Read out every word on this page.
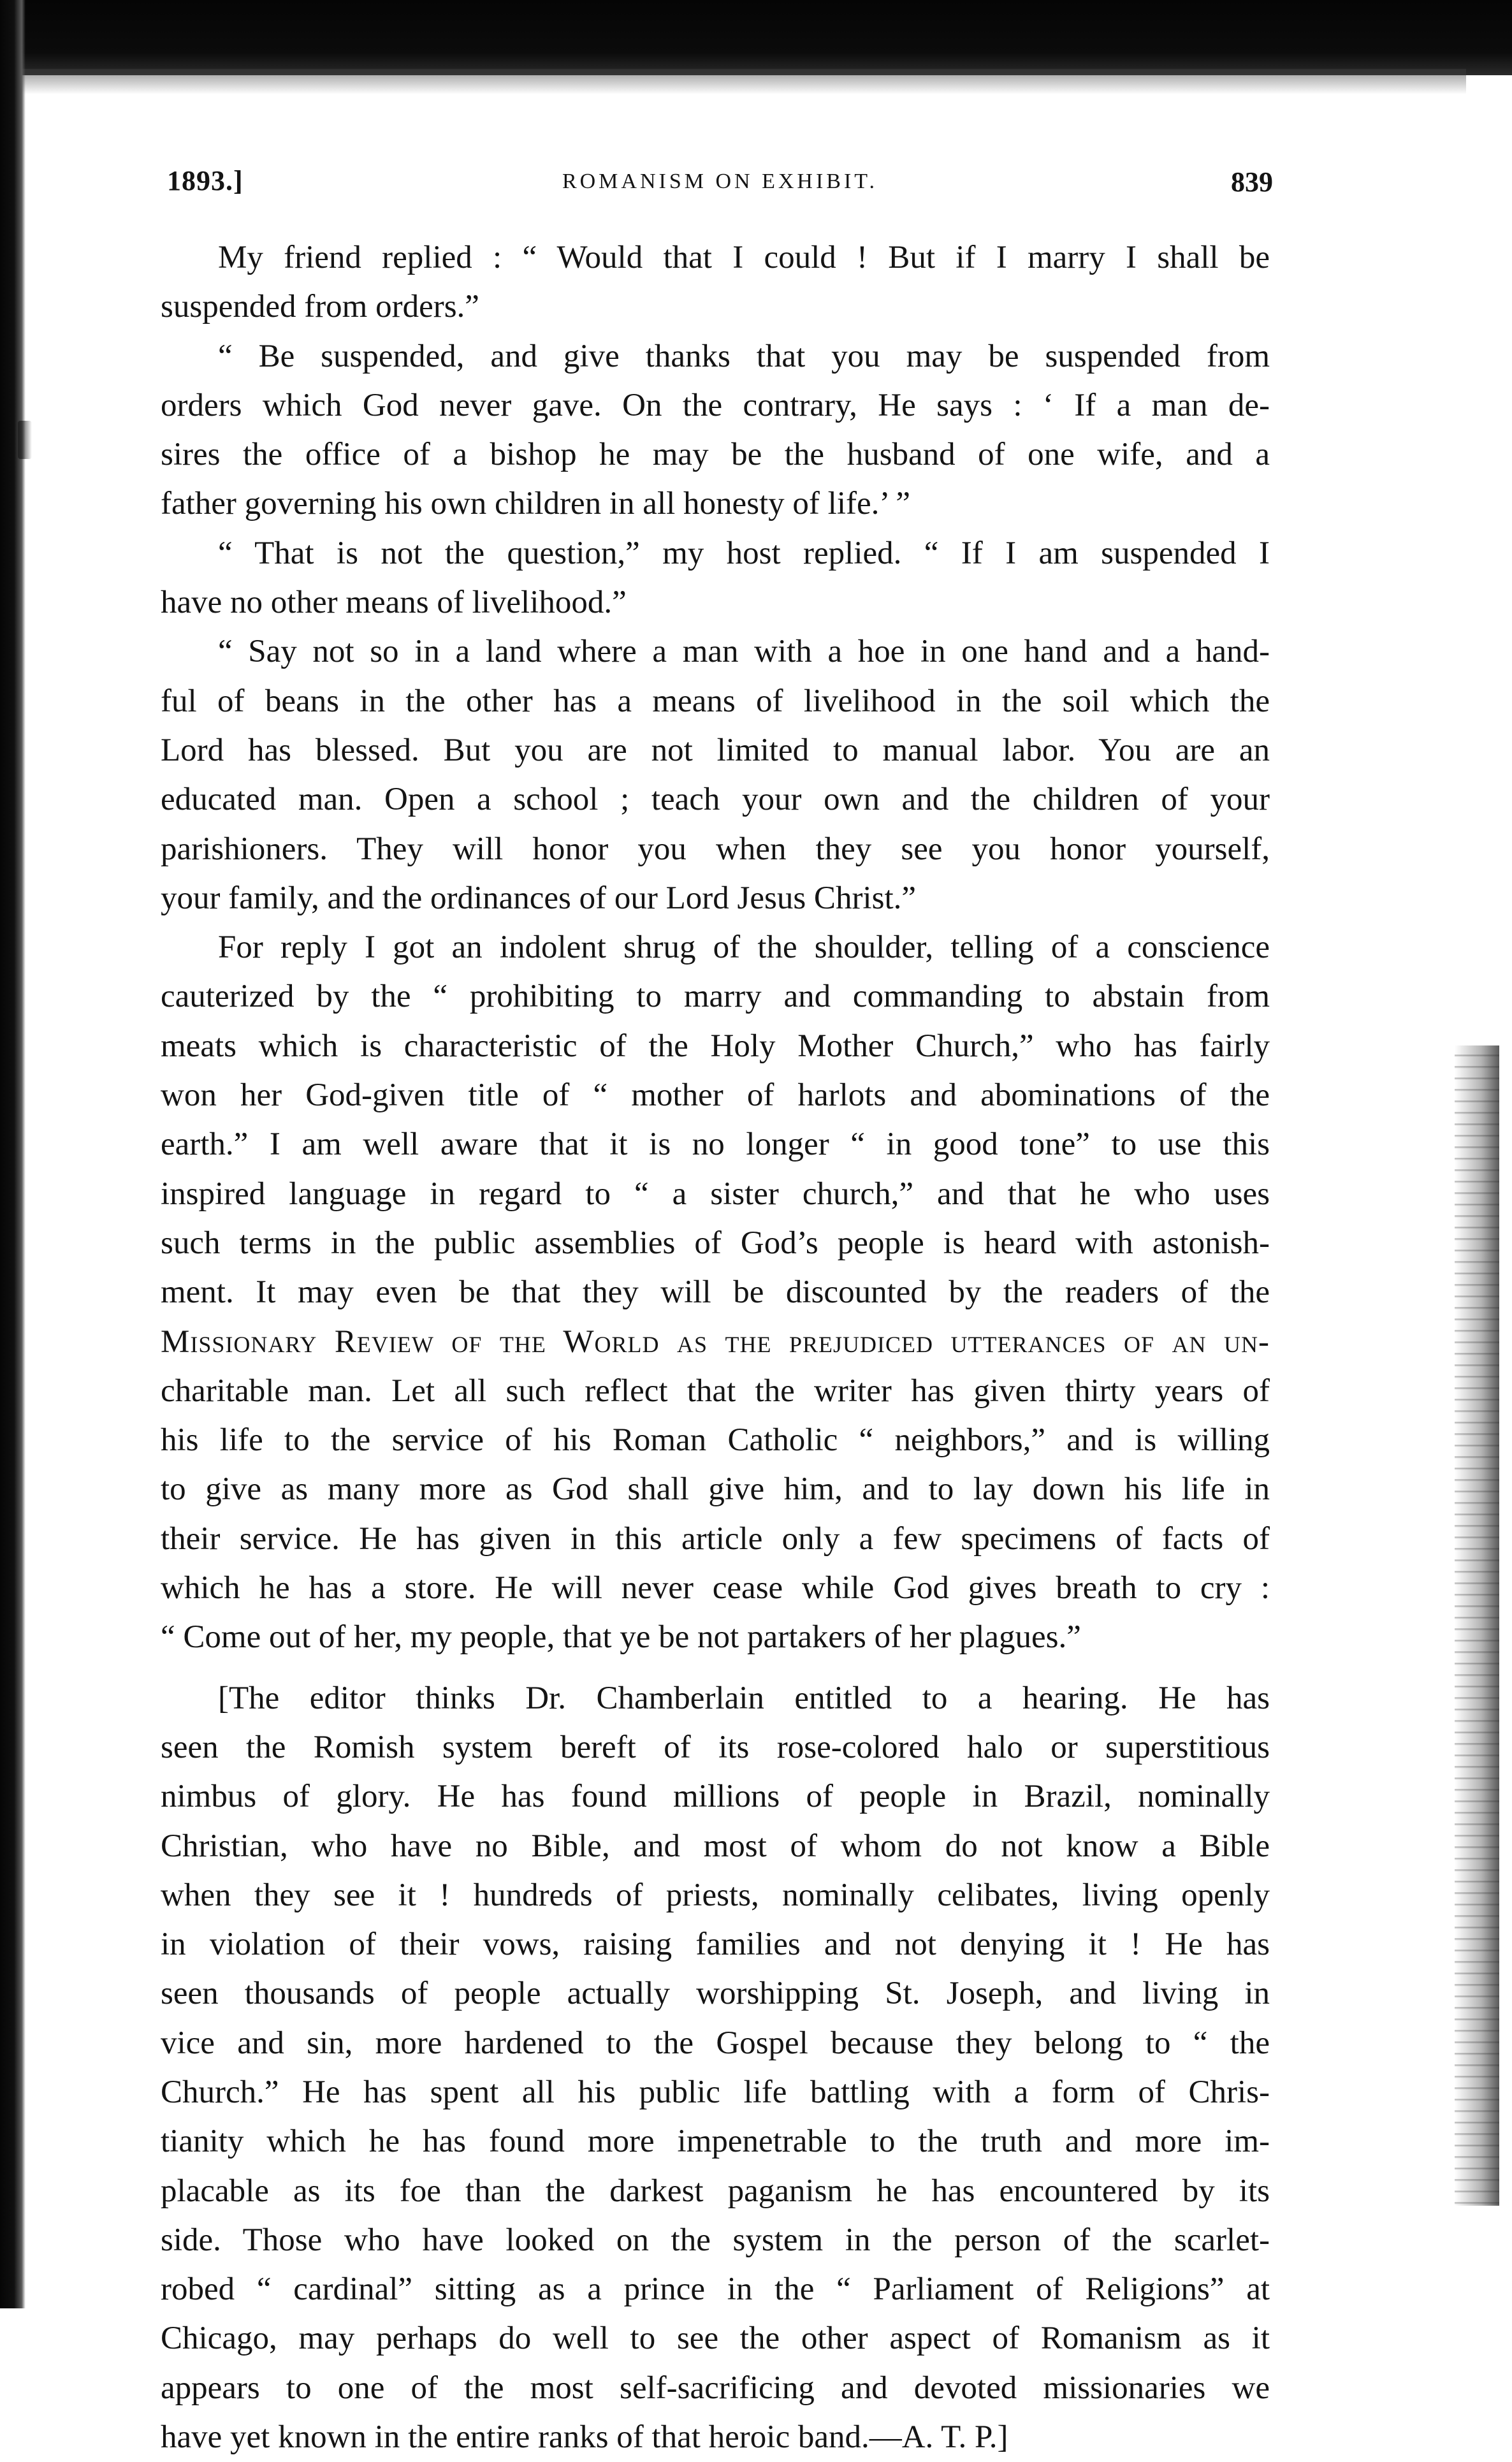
1893.]	ROMANISM ON EXHIBIT.	839
My friend replied : “ Would that I could ! But if I marry I shall be
suspended from orders.”
“ Be suspended, and give thanks that you may be suspended from
orders which God never gave. On the contrary, He says : ‘ If a man de-
sires the office of a bishop he may be the husband of one wife, and a
father governing his own children in all honesty of life.’ ”
“ That is not the question,” my host replied. “ If I am suspended I
have no other means of livelihood.”
“ Say not so in a land where a man with a hoe in one hand and a hand-
ful of beans in the other has a means of livelihood in the soil which the
Lord has blessed. But you are not limited to manual labor. You are an
educated man. Open a school ; teach your own and the children of your
parishioners. They will honor you when they see you honor yourself,
your family, and the ordinances of our Lord Jesus Christ.”
For reply I got an indolent shrug of the shoulder, telling of a conscience
cauterized by the “ prohibiting to marry and commanding to abstain from
meats which is characteristic of the Holy Mother Church,” who has fairly
won her God-given title of “ mother of harlots and abominations of the
earth.” I am well aware that it is no longer “ in good tone” to use this
inspired language in regard to “ a sister church,” and that he who uses
such terms in the public assemblies of God’s people is heard with astonish-
ment. It may even be that they will be discounted by the readers of the
Missionary Review of the World as the prejudiced utterances of an un-
charitable man. Let all such reflect that the writer has given thirty years of
his life to the service of his Roman Catholic “ neighbors,” and is willing
to give as many more as God shall give him, and to lay down his life in
their service. He has given in this article only a few specimens of facts of
which he has a store. He will never cease while God gives breath to cry :
“ Come out of her, my people, that ye be not partakers of her plagues.”
[The editor thinks Dr. Chamberlain entitled to a hearing. He has
seen the Romish system bereft of its rose-colored halo or superstitious
nimbus of glory. He has found millions of people in Brazil, nominally
Christian, who have no Bible, and most of whom do not know a Bible
when they see it ! hundreds of priests, nominally celibates, living openly
in violation of their vows, raising families and not denying it ! He has
seen thousands of people actually worshipping St. Joseph, and living in
vice and sin, more hardened to the Gospel because they belong to “ the
Church.” He has spent all his public life battling with a form of Chris-
tianity which he has found more impenetrable to the truth and more im-
placable as its foe than the darkest paganism he has encountered by its
side. Those who have looked on the system in the person of the scarlet-
robed “ cardinal” sitting as a prince in the “ Parliament of Religions” at
Chicago, may perhaps do well to see the other aspect of Romanism as it
appears to one of the most self-sacrificing and devoted missionaries we
have yet known in the entire ranks of that heroic band.—A. T. P.]
